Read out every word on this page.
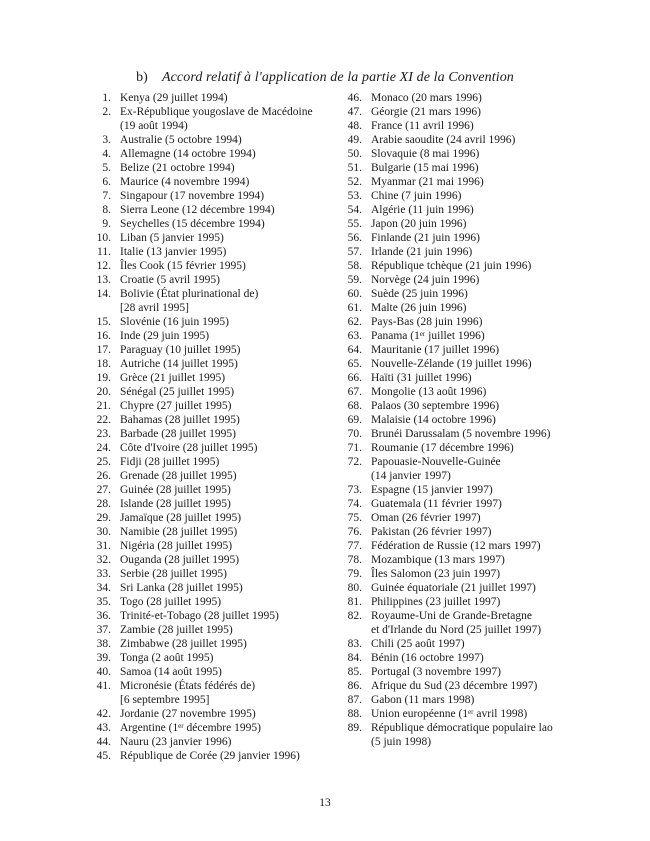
b) Accord relatif à l'application de la partie XI de la Convention
1. Kenya (29 juillet 1994)
2. Ex-République yougoslave de Macédoine
(19 août 1994)
3. Australie (5 octobre 1994)
4. Allemagne (14 octobre 1994)
5. Belize (21 octobre 1994)
6. Maurice (4 novembre 1994)
7. Singapour (17 novembre 1994)
8. Sierra Leone (12 décembre 1994)
9. Seychelles (15 décembre 1994)
10. Liban (5 janvier 1995)
11. Italie (13 janvier 1995)
12. Îles Cook (15 février 1995)
13. Croatie (5 avril 1995)
14. Bolivie (État plurinational de)
[28 avril 1995]
15. Slovénie (16 juin 1995)
16. Inde (29 juin 1995)
17. Paraguay (10 juillet 1995)
18. Autriche (14 juillet 1995)
19. Grèce (21 juillet 1995)
20. Sénégal (25 juillet 1995)
21. Chypre (27 juillet 1995)
22. Bahamas (28 juillet 1995)
23. Barbade (28 juillet 1995)
24. Côte d'Ivoire (28 juillet 1995)
25. Fidji (28 juillet 1995)
26. Grenade (28 juillet 1995)
27. Guinée (28 juillet 1995)
28. Islande (28 juillet 1995)
29. Jamaïque (28 juillet 1995)
30. Namibie (28 juillet 1995)
31. Nigéria (28 juillet 1995)
32. Ouganda (28 juillet 1995)
33. Serbie (28 juillet 1995)
34. Sri Lanka (28 juillet 1995)
35. Togo (28 juillet 1995)
36. Trinité-et-Tobago (28 juillet 1995)
37. Zambie (28 juillet 1995)
38. Zimbabwe (28 juillet 1995)
39. Tonga (2 août 1995)
40. Samoa (14 août 1995)
41. Micronésie (États fédérés de)
[6 septembre 1995]
42. Jordanie (27 novembre 1995)
43. Argentine (1ᵉʳ décembre 1995)
44. Nauru (23 janvier 1996)
45. République de Corée (29 janvier 1996)
46. Monaco (20 mars 1996)
47. Géorgie (21 mars 1996)
48. France (11 avril 1996)
49. Arabie saoudite (24 avril 1996)
50. Slovaquie (8 mai 1996)
51. Bulgarie (15 mai 1996)
52. Myanmar (21 mai 1996)
53. Chine (7 juin 1996)
54. Algérie (11 juin 1996)
55. Japon (20 juin 1996)
56. Finlande (21 juin 1996)
57. Irlande (21 juin 1996)
58. République tchèque (21 juin 1996)
59. Norvège (24 juin 1996)
60. Suède (25 juin 1996)
61. Malte (26 juin 1996)
62. Pays-Bas (28 juin 1996)
63. Panama (1ᵉʳ juillet 1996)
64. Mauritanie (17 juillet 1996)
65. Nouvelle-Zélande (19 juillet 1996)
66. Haïti (31 juillet 1996)
67. Mongolie (13 août 1996)
68. Palaos (30 septembre 1996)
69. Malaisie (14 octobre 1996)
70. Brunéi Darussalam (5 novembre 1996)
71. Roumanie (17 décembre 1996)
72. Papouasie-Nouvelle-Guinée
(14 janvier 1997)
73. Espagne (15 janvier 1997)
74. Guatemala (11 février 1997)
75. Oman (26 février 1997)
76. Pakistan (26 février 1997)
77. Fédération de Russie (12 mars 1997)
78. Mozambique (13 mars 1997)
79. Îles Salomon (23 juin 1997)
80. Guinée équatoriale (21 juillet 1997)
81. Philippines (23 juillet 1997)
82. Royaume-Uni de Grande-Bretagne
et d'Irlande du Nord (25 juillet 1997)
83. Chili (25 août 1997)
84. Bénin (16 octobre 1997)
85. Portugal (3 novembre 1997)
86. Afrique du Sud (23 décembre 1997)
87. Gabon (11 mars 1998)
88. Union européenne (1ᵉʳ avril 1998)
89. République démocratique populaire lao
(5 juin 1998)
13
